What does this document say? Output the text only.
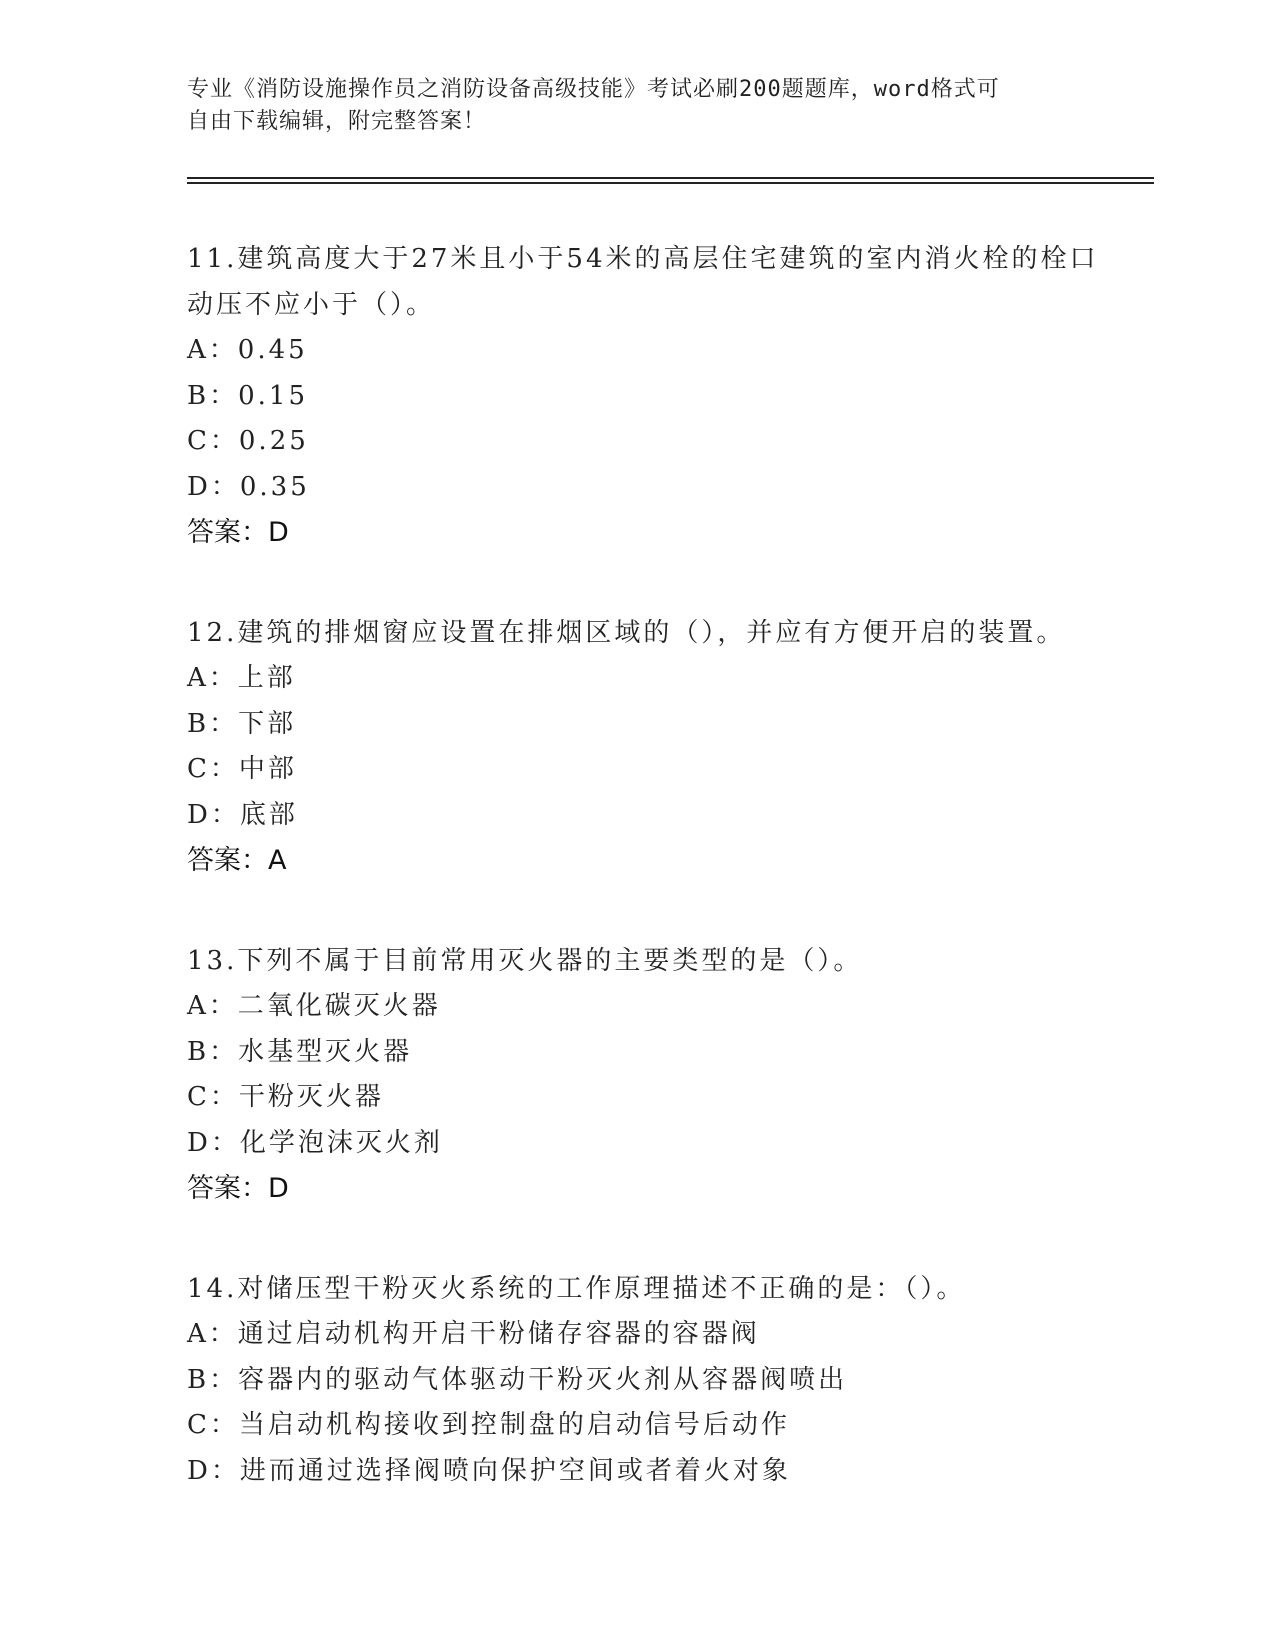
专业《消防设施操作员之消防设备高级技能》考试必刷200题题库，word格式可
自由下载编辑，附完整答案！

11.建筑高度大于27米且小于54米的高层住宅建筑的室内消火栓的栓口动压不应小于（）。

A：0.45

B：0.15

C：0.25

D：0.35

答案：D

12.建筑的排烟窗应设置在排烟区域的（），并应有方便开启的装置。

A：上部

B：下部

C：中部

D：底部

答案：A

13.下列不属于目前常用灭火器的主要类型的是（）。

A：二氧化碳灭火器

B：水基型灭火器

C：干粉灭火器

D：化学泡沫灭火剂

答案：D

14.对储压型干粉灭火系统的工作原理描述不正确的是：（）。

A：通过启动机构开启干粉储存容器的容器阀

B：容器内的驱动气体驱动干粉灭火剂从容器阀喷出

C：当启动机构接收到控制盘的启动信号后动作

D：进而通过选择阀喷向保护空间或者着火对象
